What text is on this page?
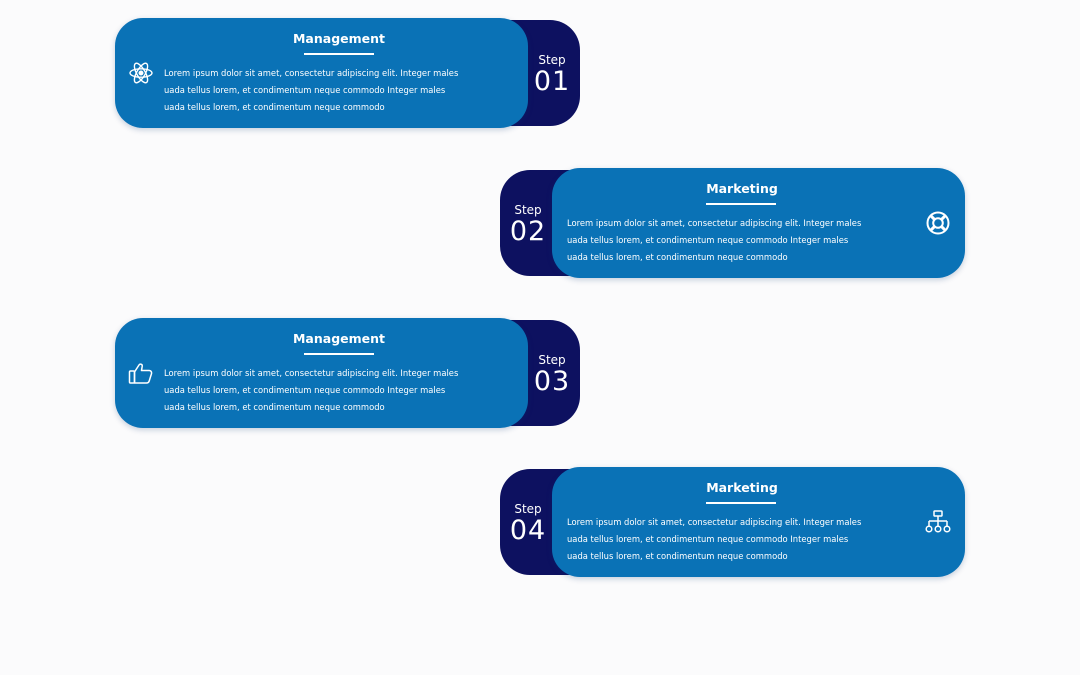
Step
01
Management
Lorem ipsum dolor sit amet, consectetur adipiscing elit. Integer males
uada tellus lorem, et condimentum neque commodo Integer males
uada tellus lorem, et condimentum neque commodo
Step
02
Marketing
Lorem ipsum dolor sit amet, consectetur adipiscing elit. Integer males
uada tellus lorem, et condimentum neque commodo Integer males
uada tellus lorem, et condimentum neque commodo
Step
03
Management
Lorem ipsum dolor sit amet, consectetur adipiscing elit. Integer males
uada tellus lorem, et condimentum neque commodo Integer males
uada tellus lorem, et condimentum neque commodo
Step
04
Marketing
Lorem ipsum dolor sit amet, consectetur adipiscing elit. Integer males
uada tellus lorem, et condimentum neque commodo Integer males
uada tellus lorem, et condimentum neque commodo
